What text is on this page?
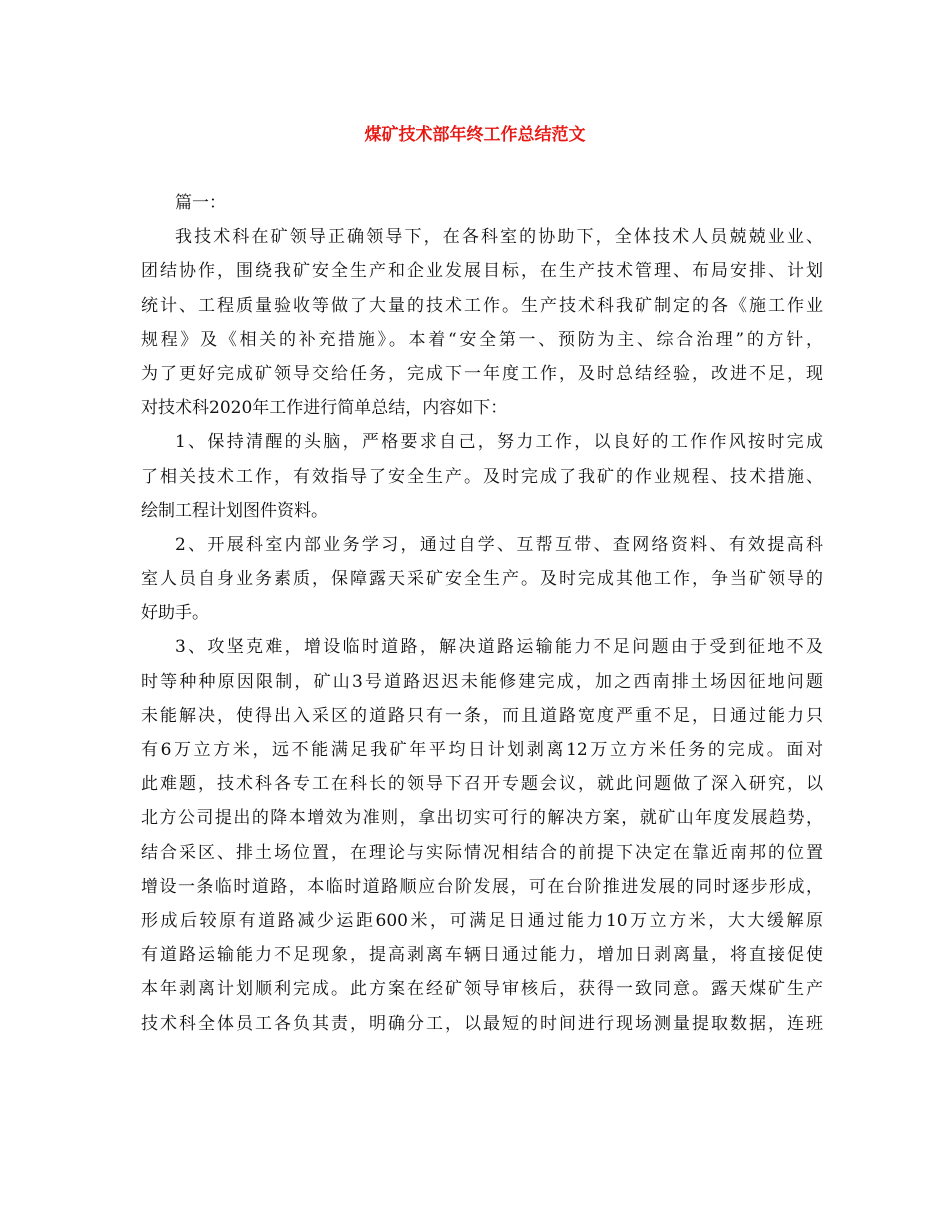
煤矿技术部年终工作总结范文
篇一：
我技术科在矿领导正确领导下，在各科室的协助下，全体技术人员兢兢业业、
团结协作，围绕我矿安全生产和企业发展目标，在生产技术管理、布局安排、计划
统计、工程质量验收等做了大量的技术工作。生产技术科我矿制定的各《施工作业
规程》及《相关的补充措施》。本着“安全第一、预防为主、综合治理”的方针，
为了更好完成矿领导交给任务，完成下一年度工作，及时总结经验，改进不足，现
对技术科2020年工作进行简单总结，内容如下：
1、保持清醒的头脑，严格要求自己，努力工作，以良好的工作作风按时完成
了相关技术工作，有效指导了安全生产。及时完成了我矿的作业规程、技术措施、
绘制工程计划图件资料。
2、开展科室内部业务学习，通过自学、互帮互带、查网络资料、有效提高科
室人员自身业务素质，保障露天采矿安全生产。及时完成其他工作，争当矿领导的
好助手。
3、攻坚克难，增设临时道路，解决道路运输能力不足问题由于受到征地不及
时等种种原因限制，矿山3号道路迟迟未能修建完成，加之西南排土场因征地问题
未能解决，使得出入采区的道路只有一条，而且道路宽度严重不足，日通过能力只
有6万立方米，远不能满足我矿年平均日计划剥离12万立方米任务的完成。面对
此难题，技术科各专工在科长的领导下召开专题会议，就此问题做了深入研究，以
北方公司提出的降本增效为准则，拿出切实可行的解决方案，就矿山年度发展趋势，
结合采区、排土场位置，在理论与实际情况相结合的前提下决定在靠近南邦的位置
增设一条临时道路，本临时道路顺应台阶发展，可在台阶推进发展的同时逐步形成，
形成后较原有道路减少运距600米，可满足日通过能力10万立方米，大大缓解原
有道路运输能力不足现象，提高剥离车辆日通过能力，增加日剥离量，将直接促使
本年剥离计划顺利完成。此方案在经矿领导审核后，获得一致同意。露天煤矿生产
技术科全体员工各负其责，明确分工，以最短的时间进行现场测量提取数据，连班
